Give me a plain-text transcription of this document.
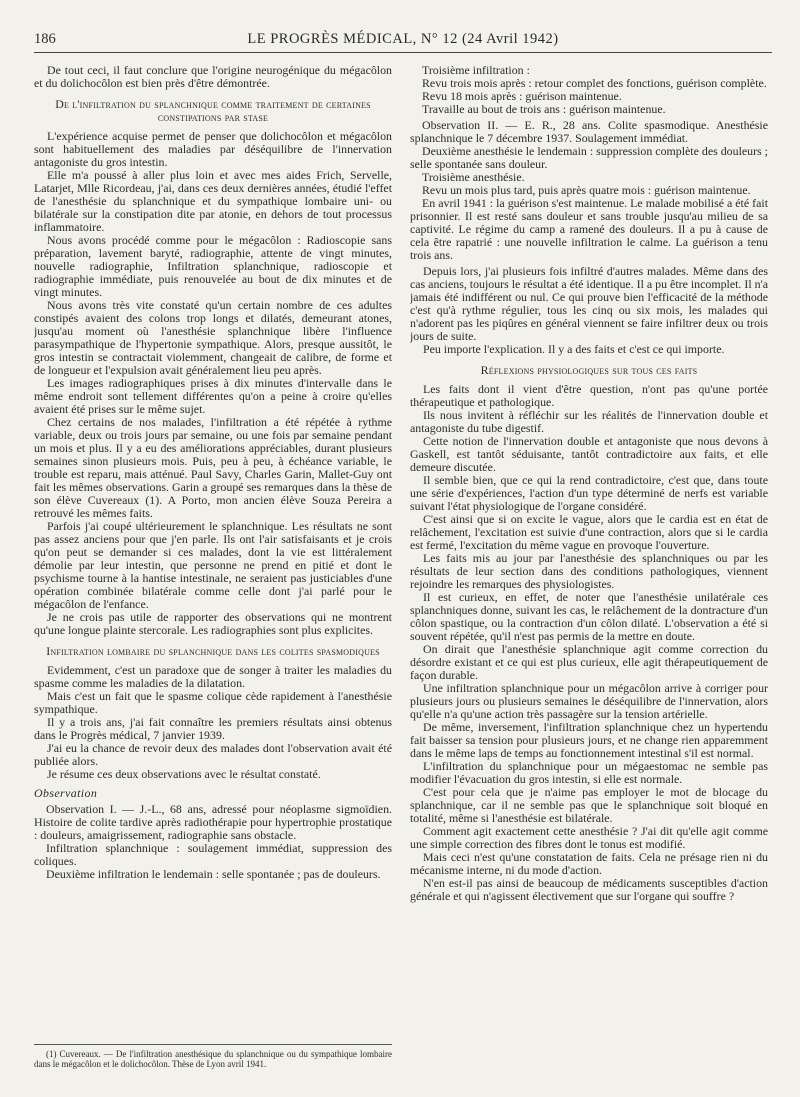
186	LE PROGRÈS MÉDICAL, N° 12 (24 Avril 1942)

De tout ceci, il faut conclure que l'origine neurogénique du mégacôlon et du dolichocôlon est bien près d'être démontrée.

De l'infiltration du splanchnique comme traitement de certaines constipations par stase

L'expérience acquise permet de penser que dolichocôlon et mégacôlon sont habituellement des maladies par déséquilibre de l'innervation antagoniste du gros intestin.

Elle m'a poussé à aller plus loin et avec mes aides Frich, Servelle, Latarjet, Mlle Ricordeau, j'ai, dans ces deux dernières années, étudié l'effet de l'anesthésie du splanchnique et du sympathique lombaire uni- ou bilatérale sur la constipation dite par atonie, en dehors de tout processus inflammatoire.

Nous avons procédé comme pour le mégacôlon : Radioscopie sans préparation, lavement baryté, radiographie, attente de vingt minutes, nouvelle radiographie, Infiltration splanchnique, radioscopie et radiographie immédiate, puis renouvelée au bout de dix minutes et de vingt minutes.

Nous avons très vite constaté qu'un certain nombre de ces adultes constipés avaient des colons trop longs et dilatés, demeurant atones, jusqu'au moment où l'anesthésie splanchnique libère l'influence parasympathique de l'hypertonie sympathique. Alors, presque aussitôt, le gros intestin se contractait violemment, changeait de calibre, de forme et de longueur et l'expulsion avait généralement lieu peu après.

Les images radiographiques prises à dix minutes d'intervalle dans le même endroit sont tellement différentes qu'on a peine à croire qu'elles avaient été prises sur le même sujet.

Chez certains de nos malades, l'infiltration a été répétée à rythme variable, deux ou trois jours par semaine, ou une fois par semaine pendant un mois et plus. Il y a eu des améliorations appréciables, durant plusieurs semaines sinon plusieurs mois. Puis, peu à peu, à échéance variable, le trouble est reparu, mais atténué. Paul Savy, Charles Garin, Mallet-Guy ont fait les mêmes observations. Garin a groupé ses remarques dans la thèse de son élève Cuvereaux (1). A Porto, mon ancien élève Souza Pereira a retrouvé les mêmes faits.

Parfois j'ai coupé ultérieurement le splanchnique. Les résultats ne sont pas assez anciens pour que j'en parle. Ils ont l'air satisfaisants et je crois qu'on peut se demander si ces malades, dont la vie est littéralement démolie par leur intestin, que personne ne prend en pitié et dont le psychisme tourne à la hantise intestinale, ne seraient pas justiciables d'une opération combinée bilatérale comme celle dont j'ai parlé pour le mégacôlon de l'enfance.

Je ne crois pas utile de rapporter des observations qui ne montrent qu'une longue plainte stercorale. Les radiographies sont plus explicites.

Infiltration lombaire du splanchnique dans les colites spasmodiques

Evidemment, c'est un paradoxe que de songer à traiter les maladies du spasme comme les maladies de la dilatation.

Mais c'est un fait que le spasme colique cède rapidement à l'anesthésie sympathique.

Il y a trois ans, j'ai fait connaître les premiers résultats ainsi obtenus dans le Progrès médical, 7 janvier 1939.

J'ai eu la chance de revoir deux des malades dont l'observation avait été publiée alors.

Je résume ces deux observations avec le résultat constaté.

Observation

Observation I. — J.-L., 68 ans, adressé pour néoplasme sigmoïdien. Histoire de colite tardive après radiothérapie pour hypertrophie prostatique : douleurs, amaigrissement, radiographie sans obstacle.

Infiltration splanchnique : soulagement immédiat, suppression des coliques.

Deuxième infiltration le lendemain : selle spontanée ; pas de douleurs.

(1) Cuvereaux. — De l'infiltration anesthésique du splanchnique ou du sympathique lombaire dans le mégacôlon et le dolichocôlon. Thèse de Lyon avril 1941.

Troisième infiltration :

Revu trois mois après : retour complet des fonctions, guérison complète.

Revu 18 mois après : guérison maintenue.

Travaille au bout de trois ans : guérison maintenue.

Observation II. — E. R., 28 ans. Colite spasmodique. Anesthésie splanchnique le 7 décembre 1937. Soulagement immédiat.

Deuxième anesthésie le lendemain : suppression complète des douleurs ; selle spontanée sans douleur.

Troisième anesthésie.

Revu un mois plus tard, puis après quatre mois : guérison maintenue.

En avril 1941 : la guérison s'est maintenue. Le malade mobilisé a été fait prisonnier. Il est resté sans douleur et sans trouble jusqu'au milieu de sa captivité. Le régime du camp a ramené des douleurs. Il a pu à cause de cela être rapatrié : une nouvelle infiltration le calme. La guérison a tenu trois ans.

Depuis lors, j'ai plusieurs fois infiltré d'autres malades. Même dans des cas anciens, toujours le résultat a été identique. Il a pu être incomplet. Il n'a jamais été indifférent ou nul. Ce qui prouve bien l'efficacité de la méthode c'est qu'à rythme régulier, tous les cinq ou six mois, les malades qui n'adorent pas les piqûres en général viennent se faire infiltrer deux ou trois jours de suite.

Peu importe l'explication. Il y a des faits et c'est ce qui importe.

Réflexions physiologiques sur tous ces faits

Les faits dont il vient d'être question, n'ont pas qu'une portée thérapeutique et pathologique.

Ils nous invitent à réfléchir sur les réalités de l'innervation double et antagoniste du tube digestif.

Cette notion de l'innervation double et antagoniste que nous devons à Gaskell, est tantôt séduisante, tantôt contradictoire aux faits, et elle demeure discutée.

Il semble bien, que ce qui la rend contradictoire, c'est que, dans toute une série d'expériences, l'action d'un type déterminé de nerfs est variable suivant l'état physiologique de l'organe considéré.

C'est ainsi que si on excite le vague, alors que le cardia est en état de relâchement, l'excitation est suivie d'une contraction, alors que si le cardia est fermé, l'excitation du même vague en provoque l'ouverture.

Les faits mis au jour par l'anesthésie des splanchniques ou par les résultats de leur section dans des conditions pathologiques, viennent rejoindre les remarques des physiologistes.

Il est curieux, en effet, de noter que l'anesthésie unilatérale ces splanchniques donne, suivant les cas, le relâchement de la dontracture d'un côlon spastique, ou la contraction d'un côlon dilaté. L'observation a été si souvent répétée, qu'il n'est pas permis de la mettre en doute.

On dirait que l'anesthésie splanchnique agit comme correction du désordre existant et ce qui est plus curieux, elle agit thérapeutiquement de façon durable.

Une infiltration splanchnique pour un mégacôlon arrive à corriger pour plusieurs jours ou plusieurs semaines le déséquilibre de l'innervation, alors qu'elle n'a qu'une action très passagère sur la tension artérielle.

De même, inversement, l'infiltration splanchnique chez un hypertendu fait baisser sa tension pour plusieurs jours, et ne change rien apparemment dans le même laps de temps au fonctionnement intestinal s'il est normal.

L'infiltration du splanchnique pour un mégaestomac ne semble pas modifier l'évacuation du gros intestin, si elle est normale.

C'est pour cela que je n'aime pas employer le mot de blocage du splanchnique, car il ne semble pas que le splanchnique soit bloqué en totalité, même si l'anesthésie est bilatérale.

Comment agit exactement cette anesthésie ? J'ai dit qu'elle agit comme une simple correction des fibres dont le tonus est modifié.

Mais ceci n'est qu'une constatation de faits. Cela ne présage rien ni du mécanisme interne, ni du mode d'action.

N'en est-il pas ainsi de beaucoup de médicaments susceptibles d'action générale et qui n'agissent électivement que sur l'organe qui souffre ?
